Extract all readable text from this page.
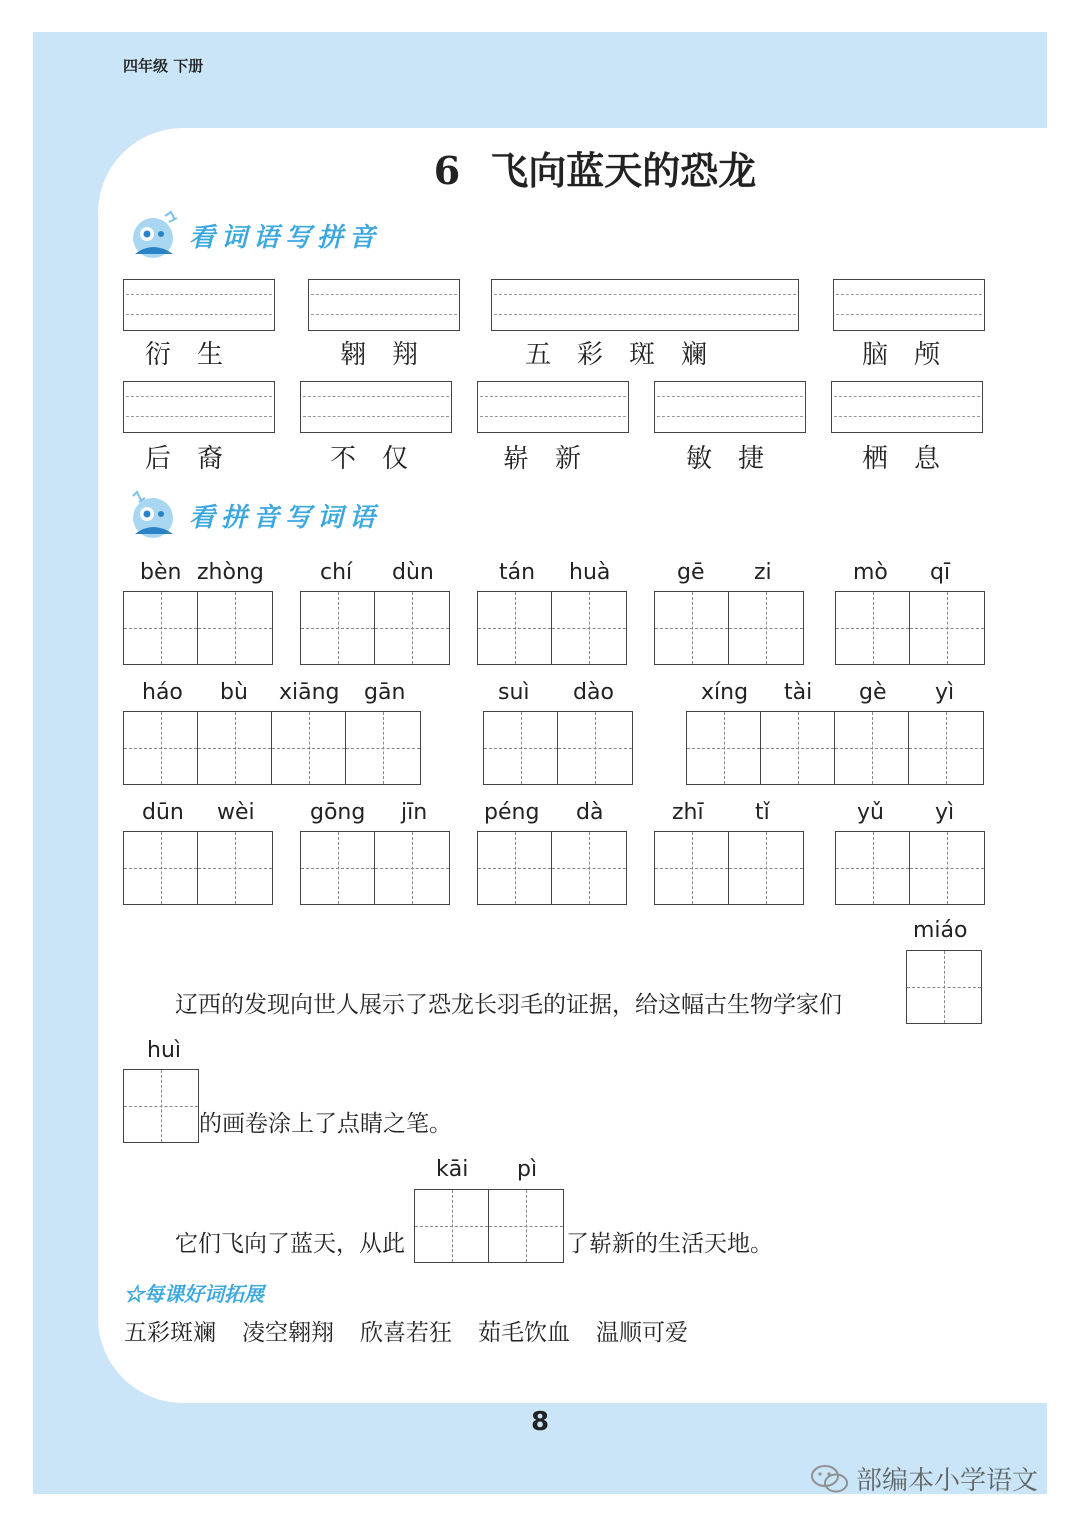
四年级 下册
6 飞向蓝天的恐龙
看词语写拼音
衍　生	翱　翔	五　彩　斑　斓	脑　颅
后　裔	不　仅	崭　新	敏　捷	栖　息
看拼音写词语
bèn zhòng	chí dùn	tán huà	gē zi	mò qī
háo bù xiāng gān	suì dào	xíng tài gè yì
dūn wèi	gōng jīn	péng dà	zhī tǐ	yǔ yì
miáo
辽西的发现向世人展示了恐龙长羽毛的证据，给这幅古生物学家们
huì
的画卷涂上了点睛之笔。
kāi pì
它们飞向了蓝天，从此	了崭新的生活天地。
☆每课好词拓展
五彩斑斓 凌空翱翔 欣喜若狂 茹毛饮血 温顺可爱
8
部编本小学语文
